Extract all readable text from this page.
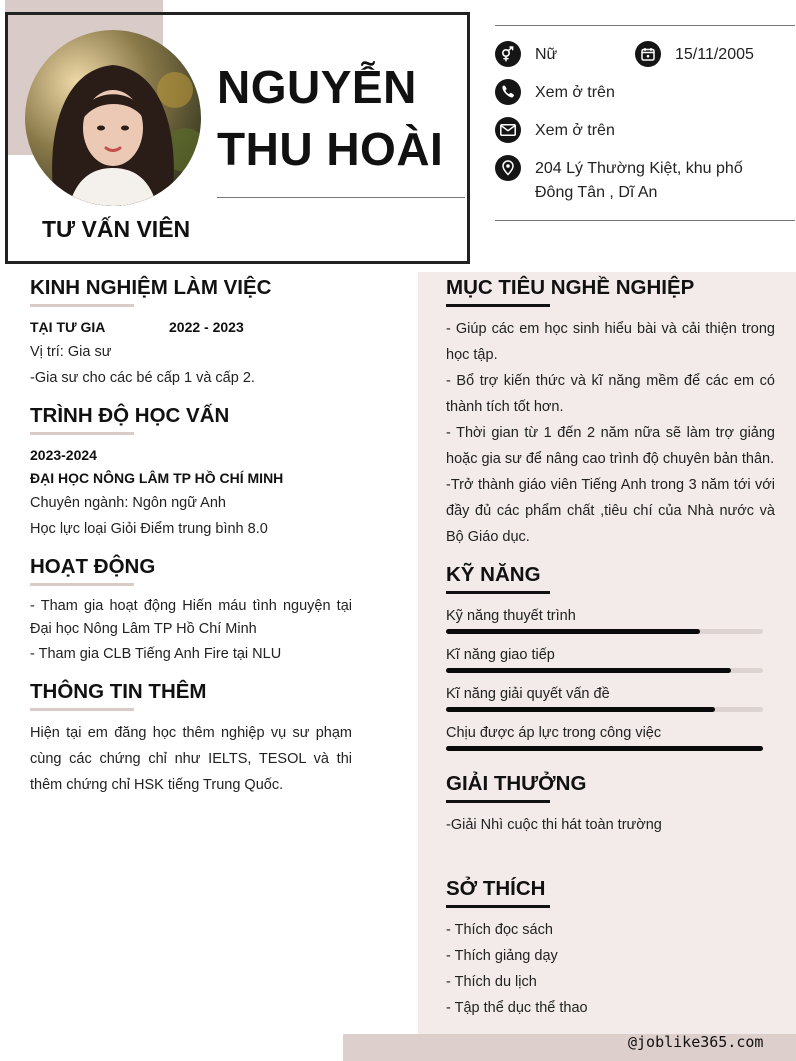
NGUYỄN
THU HOÀI
TƯ VẤN VIÊN
Nữ	15/11/2005
Xem ở trên
Xem ở trên
204 Lý Thường Kiệt, khu phố
Đông Tân , Dĩ An
KINH NGHIỆM LÀM VIỆC
TẠI TƯ GIA	2022 - 2023
Vị trí: Gia sư
-Gia sư cho các bé cấp 1 và cấp 2.
TRÌNH ĐỘ HỌC VẤN
2023-2024
ĐẠI HỌC NÔNG LÂM TP HỒ CHÍ MINH
Chuyên ngành: Ngôn ngữ Anh
Học lực loại Giỏi Điểm trung bình 8.0
HOẠT ĐỘNG
- Tham gia hoạt động Hiến máu tình nguyện tại Đại học Nông Lâm TP Hồ Chí Minh
- Tham gia CLB Tiếng Anh Fire tại NLU
THÔNG TIN THÊM
Hiện tại em đăng học thêm nghiệp vụ sư phạm cùng các chứng chỉ như IELTS, TESOL và thi thêm chứng chỉ HSK tiếng Trung Quốc.
MỤC TIÊU NGHỀ NGHIỆP
- Giúp các em học sinh hiểu bài và cải thiện trong học tập.
- Bổ trợ kiến thức và kĩ năng mềm để các em có thành tích tốt hơn.
- Thời gian từ 1 đến 2 năm nữa sẽ làm trợ giảng hoặc gia sư để nâng cao trình độ chuyên bản thân.
-Trở thành giáo viên Tiếng Anh trong 3 năm tới với đầy đủ các phẩm chất ,tiêu chí của Nhà nước và Bộ Giáo dục.
KỸ NĂNG
Kỹ năng thuyết trình
Kĩ năng giao tiếp
Kĩ năng giải quyết vấn đề
Chịu được áp lực trong công việc
GIẢI THƯỞNG
-Giải Nhì cuộc thi hát toàn trường
SỞ THÍCH
- Thích đọc sách
- Thích giảng dạy
- Thích du lịch
- Tập thể dục thể thao
@joblike365.com
